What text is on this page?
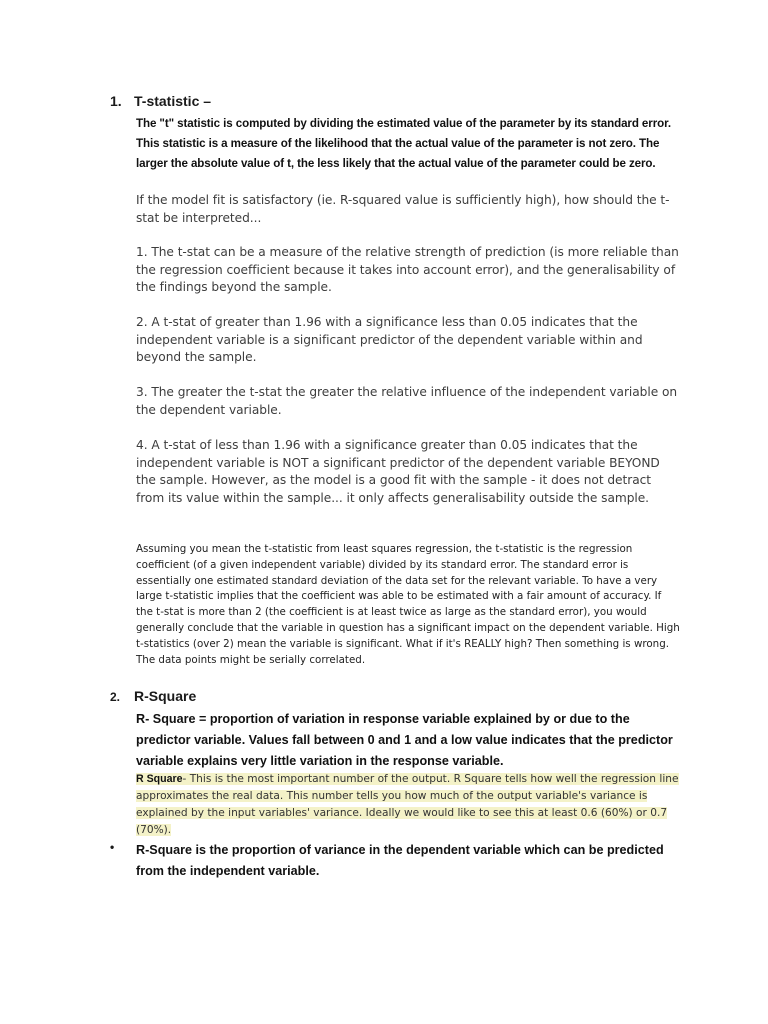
1. T-statistic –
The "t" statistic is computed by dividing the estimated value of the parameter by its standard error. This statistic is a measure of the likelihood that the actual value of the parameter is not zero. The larger the absolute value of t, the less likely that the actual value of the parameter could be zero.
If the model fit is satisfactory (ie. R-squared value is sufficiently high), how should the t-stat be interpreted...
1. The t-stat can be a measure of the relative strength of prediction (is more reliable than the regression coefficient because it takes into account error), and the generalisability of the findings beyond the sample.
2. A t-stat of greater than 1.96 with a significance less than 0.05 indicates that the independent variable is a significant predictor of the dependent variable within and beyond the sample.
3. The greater the t-stat the greater the relative influence of the independent variable on the dependent variable.
4. A t-stat of less than 1.96 with a significance greater than 0.05 indicates that the independent variable is NOT a significant predictor of the dependent variable BEYOND the sample. However, as the model is a good fit with the sample - it does not detract from its value within the sample... it only affects generalisability outside the sample.
Assuming you mean the t-statistic from least squares regression, the t-statistic is the regression coefficient (of a given independent variable) divided by its standard error. The standard error is essentially one estimated standard deviation of the data set for the relevant variable. To have a very large t-statistic implies that the coefficient was able to be estimated with a fair amount of accuracy. If the t-stat is more than 2 (the coefficient is at least twice as large as the standard error), you would generally conclude that the variable in question has a significant impact on the dependent variable. High t-statistics (over 2) mean the variable is significant. What if it's REALLY high? Then something is wrong. The data points might be serially correlated.
2. R-Square
R- Square = proportion of variation in response variable explained by or due to the predictor variable. Values fall between 0 and 1 and a low value indicates that the predictor variable explains very little variation in the response variable.
R Square- This is the most important number of the output. R Square tells how well the regression line approximates the real data. This number tells you how much of the output variable's variance is explained by the input variables' variance. Ideally we would like to see this at least 0.6 (60%) or 0.7 (70%).
•	R-Square is the proportion of variance in the dependent variable which can be predicted from the independent variable.
